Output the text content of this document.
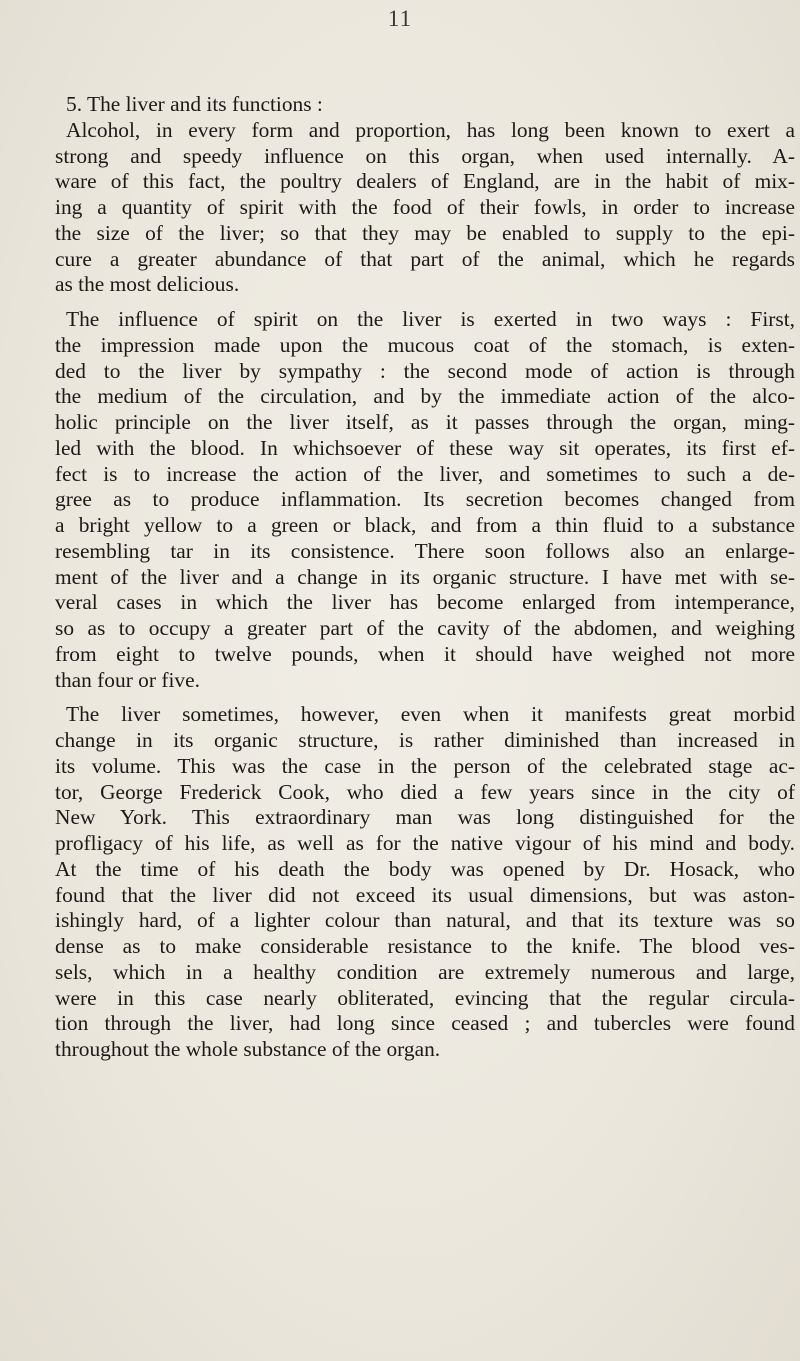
11
5. The liver and its functions :
Alcohol, in every form and proportion, has long been known to exert a
strong and speedy influence on this organ, when used internally. A-
ware of this fact, the poultry dealers of England, are in the habit of mix-
ing a quantity of spirit with the food of their fowls, in order to increase
the size of the liver; so that they may be enabled to supply to the epi-
cure a greater abundance of that part of the animal, which he regards
as the most delicious.
The influence of spirit on the liver is exerted in two ways : First,
the impression made upon the mucous coat of the stomach, is exten-
ded to the liver by sympathy : the second mode of action is through
the medium of the circulation, and by the immediate action of the alco-
holic principle on the liver itself, as it passes through the organ, ming-
led with the blood. In whichsoever of these way sit operates, its first ef-
fect is to increase the action of the liver, and sometimes to such a de-
gree as to produce inflammation. Its secretion becomes changed from
a bright yellow to a green or black, and from a thin fluid to a substance
resembling tar in its consistence. There soon follows also an enlarge-
ment of the liver and a change in its organic structure. I have met with se-
veral cases in which the liver has become enlarged from intemperance,
so as to occupy a greater part of the cavity of the abdomen, and weighing
from eight to twelve pounds, when it should have weighed not more
than four or five.
The liver sometimes, however, even when it manifests great morbid
change in its organic structure, is rather diminished than increased in
its volume. This was the case in the person of the celebrated stage ac-
tor, George Frederick Cook, who died a few years since in the city of
New York. This extraordinary man was long distinguished for the
profligacy of his life, as well as for the native vigour of his mind and body.
At the time of his death the body was opened by Dr. Hosack, who
found that the liver did not exceed its usual dimensions, but was aston-
ishingly hard, of a lighter colour than natural, and that its texture was so
dense as to make considerable resistance to the knife. The blood ves-
sels, which in a healthy condition are extremely numerous and large,
were in this case nearly obliterated, evincing that the regular circula-
tion through the liver, had long since ceased ; and tubercles were found
throughout the whole substance of the organ.
